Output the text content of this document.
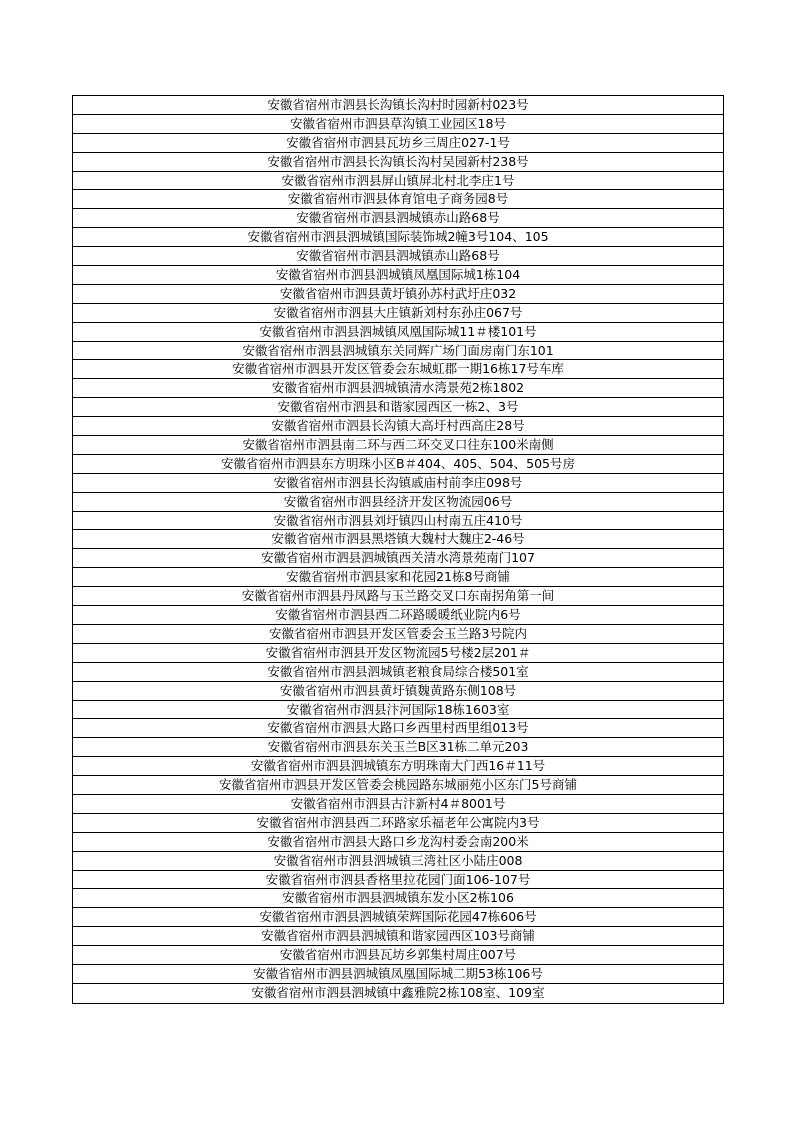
安徽省宿州市泗县长沟镇长沟村时园新村023号
安徽省宿州市泗县草沟镇工业园区18号
安徽省宿州市泗县瓦坊乡三周庄027-1号
安徽省宿州市泗县长沟镇长沟村吴园新村238号
安徽省宿州市泗县屏山镇屏北村北李庄1号
安徽省宿州市泗县体育馆电子商务园8号
安徽省宿州市泗县泗城镇赤山路68号
安徽省宿州市泗县泗城镇国际装饰城2幢3号104、105
安徽省宿州市泗县泗城镇赤山路68号
安徽省宿州市泗县泗城镇凤凰国际城1栋104
安徽省宿州市泗县黄圩镇孙苏村武圩庄032
安徽省宿州市泗县大庄镇新刘村东孙庄067号
安徽省宿州市泗县泗城镇凤凰国际城11＃楼101号
安徽省宿州市泗县泗城镇东关同辉广场门面房南门东101
安徽省宿州市泗县开发区管委会东城虹郡一期16栋17号车库
安徽省宿州市泗县泗城镇清水湾景苑2栋1802
安徽省宿州市泗县和谐家园西区一栋2、3号
安徽省宿州市泗县长沟镇大高圩村西高庄28号
安徽省宿州市泗县南二环与西二环交叉口往东100米南侧
安徽省宿州市泗县东方明珠小区B＃404、405、504、505号房
安徽省宿州市泗县长沟镇戚庙村前李庄098号
安徽省宿州市泗县经济开发区物流园06号
安徽省宿州市泗县刘圩镇四山村南五庄410号
安徽省宿州市泗县黑塔镇大魏村大魏庄2-46号
安徽省宿州市泗县泗城镇西关清水湾景苑南门107
安徽省宿州市泗县家和花园21栋8号商铺
安徽省宿州市泗县丹凤路与玉兰路交叉口东南拐角第一间
安徽省宿州市泗县西二环路暖暖纸业院内6号
安徽省宿州市泗县开发区管委会玉兰路3号院内
安徽省宿州市泗县开发区物流园5号楼2层201＃
安徽省宿州市泗县泗城镇老粮食局综合楼501室
安徽省宿州市泗县黄圩镇魏黄路东侧108号
安徽省宿州市泗县汴河国际18栋1603室
安徽省宿州市泗县大路口乡西里村西里组013号
安徽省宿州市泗县东关玉兰B区31栋二单元203
安徽省宿州市泗县泗城镇东方明珠南大门西16＃11号
安徽省宿州市泗县开发区管委会桃园路东城丽苑小区东门5号商铺
安徽省宿州市泗县古汴新村4＃8001号
安徽省宿州市泗县西二环路家乐福老年公寓院内3号
安徽省宿州市泗县大路口乡龙沟村委会南200米
安徽省宿州市泗县泗城镇三湾社区小陆庄008
安徽省宿州市泗县香格里拉花园门面106-107号
安徽省宿州市泗县泗城镇东发小区2栋106
安徽省宿州市泗县泗城镇荣辉国际花园47栋606号
安徽省宿州市泗县泗城镇和谐家园西区103号商铺
安徽省宿州市泗县瓦坊乡郭集村周庄007号
安徽省宿州市泗县泗城镇凤凰国际城二期53栋106号
安徽省宿州市泗县泗城镇中鑫雅院2栋108室、109室
